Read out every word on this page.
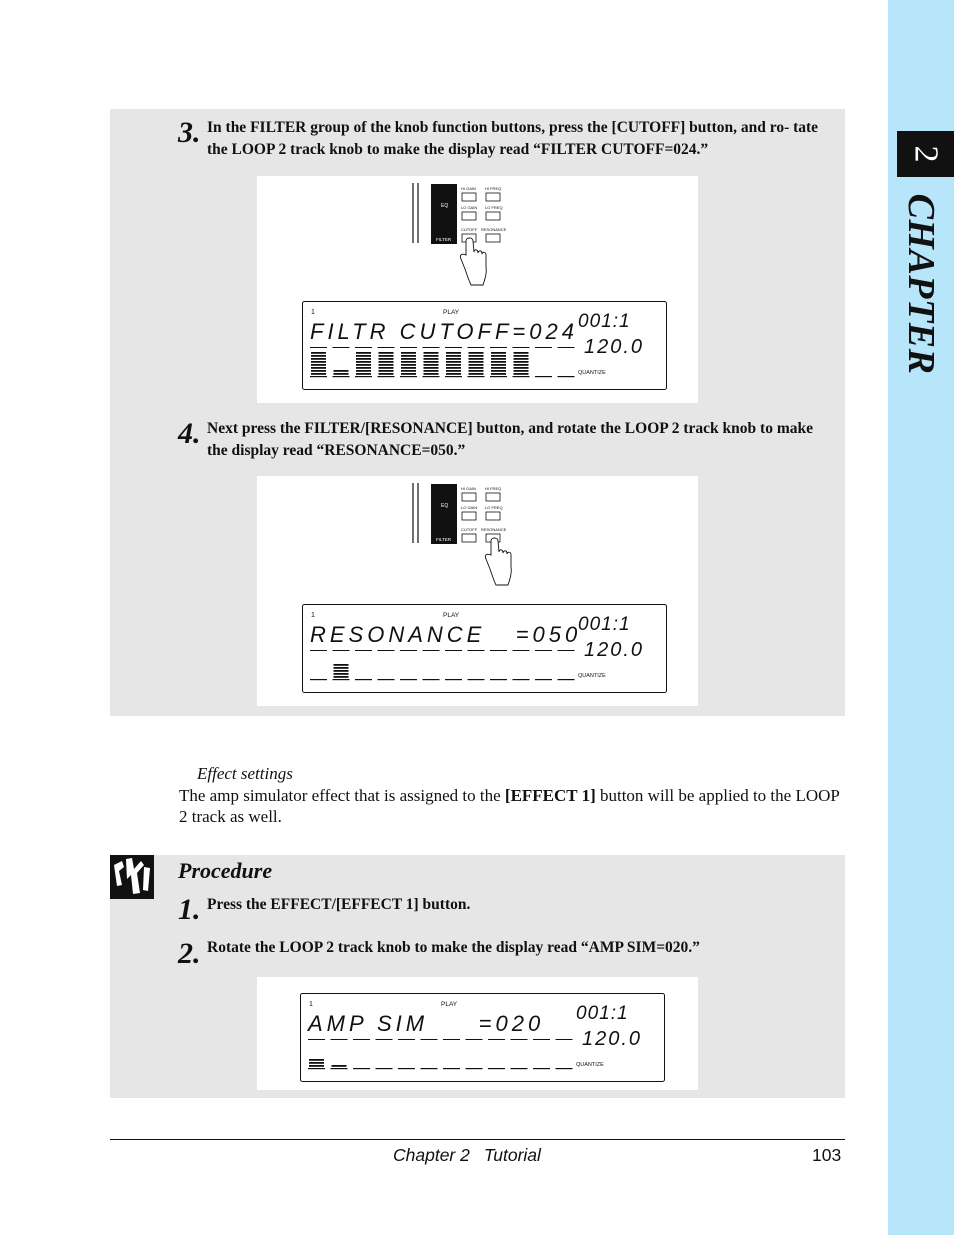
2
CHAPTER
3. In the FILTER group of the knob function buttons, press the [CUTOFF] button, and ro- tate the LOOP 2 track knob to make the display read “FILTER CUTOFF=024.”
EQ
FILTER
HI GAIN HI FREQ
LO GAIN LO FREQ
CUTOFF RESONANCE
1	PLAY
FILTR CUTOFF=024 001:1
120.0
QUANTIZE
4. Next press the FILTER/[RESONANCE] button, and rotate the LOOP 2 track knob to make the display read “RESONANCE=050.”
EQ
FILTER
HI GAIN HI FREQ
LO GAIN LO FREQ
CUTOFF RESONANCE
1	PLAY
RESONANCE   =050
001:1
120.0
QUANTIZE
Effect settings
The amp simulator effect that is assigned to the [EFFECT 1] button will be applied to the LOOP 2 track as well.
Procedure
1. Press the EFFECT/[EFFECT 1] button.
2. Rotate the LOOP 2 track knob to make the display read “AMP SIM=020.”
1	PLAY
AMP SIM     =020 001:1
120.0
QUANTIZE
Chapter 2 Tutorial	103
